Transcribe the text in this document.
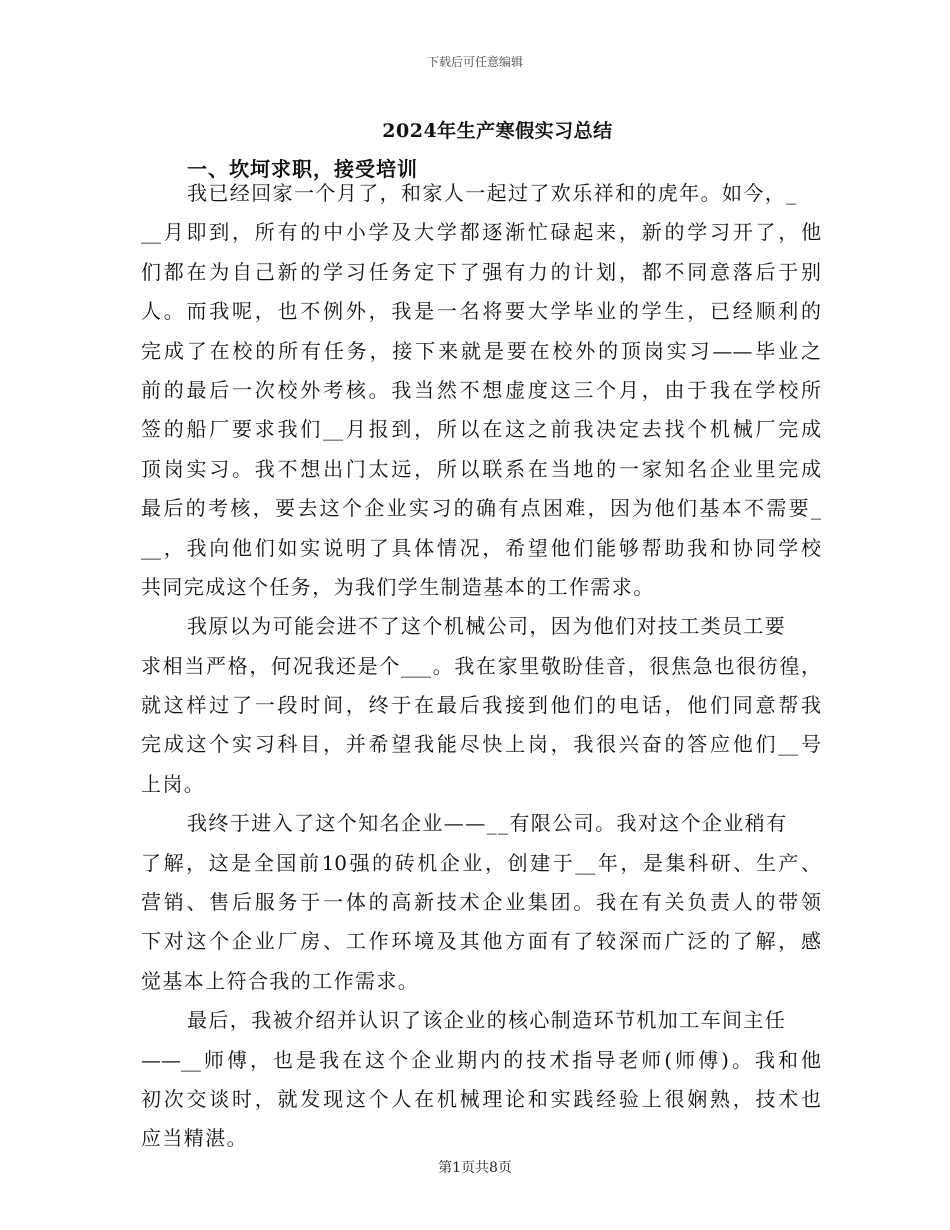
下载后可任意编辑
2024年生产寒假实习总结
一、坎坷求职，接受培训
我已经回家一个月了，和家人一起过了欢乐祥和的虎年。如今，_
__月即到，所有的中小学及大学都逐渐忙碌起来，新的学习开了，他
们都在为自己新的学习任务定下了强有力的计划，都不同意落后于别
人。而我呢，也不例外，我是一名将要大学毕业的学生，已经顺利的
完成了在校的所有任务，接下来就是要在校外的顶岗实习——毕业之
前的最后一次校外考核。我当然不想虚度这三个月，由于我在学校所
签的船厂要求我们__月报到，所以在这之前我决定去找个机械厂完成
顶岗实习。我不想出门太远，所以联系在当地的一家知名企业里完成
最后的考核，要去这个企业实习的确有点困难，因为他们基本不需要_
__，我向他们如实说明了具体情况，希望他们能够帮助我和协同学校
共同完成这个任务，为我们学生制造基本的工作需求。
我原以为可能会进不了这个机械公司，因为他们对技工类员工要
求相当严格，何况我还是个___。我在家里敬盼佳音，很焦急也很彷徨，
就这样过了一段时间，终于在最后我接到他们的电话，他们同意帮我
完成这个实习科目，并希望我能尽快上岗，我很兴奋的答应他们__号
上岗。
我终于进入了这个知名企业——__有限公司。我对这个企业稍有
了解，这是全国前10强的砖机企业，创建于__年，是集科研、生产、
营销、售后服务于一体的高新技术企业集团。我在有关负责人的带领
下对这个企业厂房、工作环境及其他方面有了较深而广泛的了解，感
觉基本上符合我的工作需求。
最后，我被介绍并认识了该企业的核心制造环节机加工车间主任
——__师傅，也是我在这个企业期内的技术指导老师(师傅)。我和他
初次交谈时，就发现这个人在机械理论和实践经验上很娴熟，技术也
应当精湛。
第1页共8页
